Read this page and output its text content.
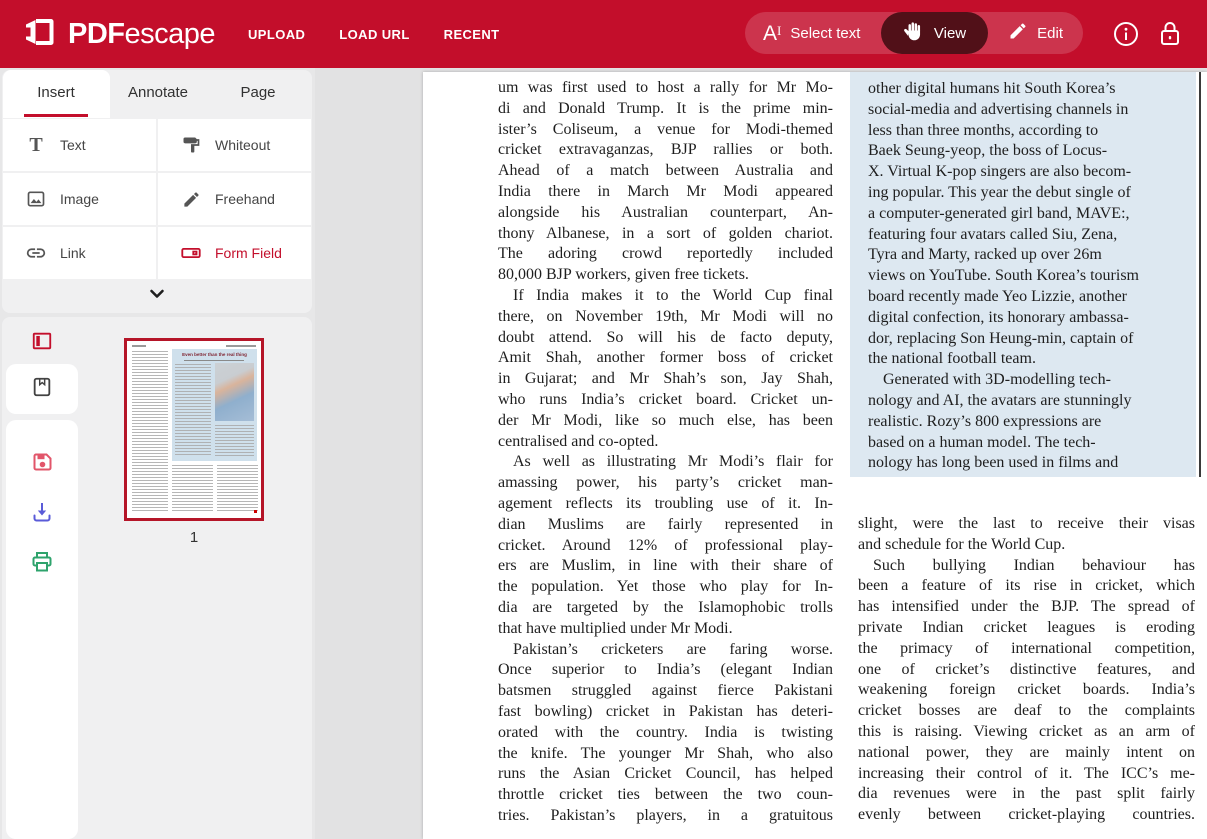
PDFescape	UPLOAD	LOAD URL	RECENT	AI Select text	View	Edit
Insert	Annotate	Page
T Text	Whiteout
Image	Freehand
Link	Form Field
Even better than the real thing
1
um was first used to host a rally for Mr Mo-
di and Donald Trump. It is the prime min-
ister’s Coliseum, a venue for Modi-themed
cricket extravaganzas, BJP rallies or both.
Ahead of a match between Australia and
India there in March Mr Modi appeared
alongside his Australian counterpart, An-
thony Albanese, in a sort of golden chariot.
The adoring crowd reportedly included
80,000 BJP workers, given free tickets.
If India makes it to the World Cup final
there, on November 19th, Mr Modi will no
doubt attend. So will his de facto deputy,
Amit Shah, another former boss of cricket
in Gujarat; and Mr Shah’s son, Jay Shah,
who runs India’s cricket board. Cricket un-
der Mr Modi, like so much else, has been
centralised and co-opted.
As well as illustrating Mr Modi’s flair for
amassing power, his party’s cricket man-
agement reflects its troubling use of it. In-
dian Muslims are fairly represented in
cricket. Around 12% of professional play-
ers are Muslim, in line with their share of
the population. Yet those who play for In-
dia are targeted by the Islamophobic trolls
that have multiplied under Mr Modi.
Pakistan’s cricketers are faring worse.
Once superior to India’s (elegant Indian
batsmen struggled against fierce Pakistani
fast bowling) cricket in Pakistan has deteri-
orated with the country. India is twisting
the knife. The younger Mr Shah, who also
runs the Asian Cricket Council, has helped
throttle cricket ties between the two coun-
tries. Pakistan’s players, in a gratuitous
other digital humans hit South Korea’s
social-media and advertising channels in
less than three months, according to
Baek Seung-yeop, the boss of Locus-
X. Virtual K-pop singers are also becom-
ing popular. This year the debut single of
a computer-generated girl band, MAVE:,
featuring four avatars called Siu, Zena,
Tyra and Marty, racked up over 26m
views on YouTube. South Korea’s tourism
board recently made Yeo Lizzie, another
digital confection, its honorary ambassa-
dor, replacing Son Heung-min, captain of
the national football team.
Generated with 3D-modelling tech-
nology and AI, the avatars are stunningly
realistic. Rozy’s 800 expressions are
based on a human model. The tech-
nology has long been used in films and
slight, were the last to receive their visas
and schedule for the World Cup.
Such bullying Indian behaviour has
been a feature of its rise in cricket, which
has intensified under the BJP. The spread of
private Indian cricket leagues is eroding
the primacy of international competition,
one of cricket’s distinctive features, and
weakening foreign cricket boards. India’s
cricket bosses are deaf to the complaints
this is raising. Viewing cricket as an arm of
national power, they are mainly intent on
increasing their control of it. The ICC’s me-
dia revenues were in the past split fairly
evenly between cricket-playing countries.
